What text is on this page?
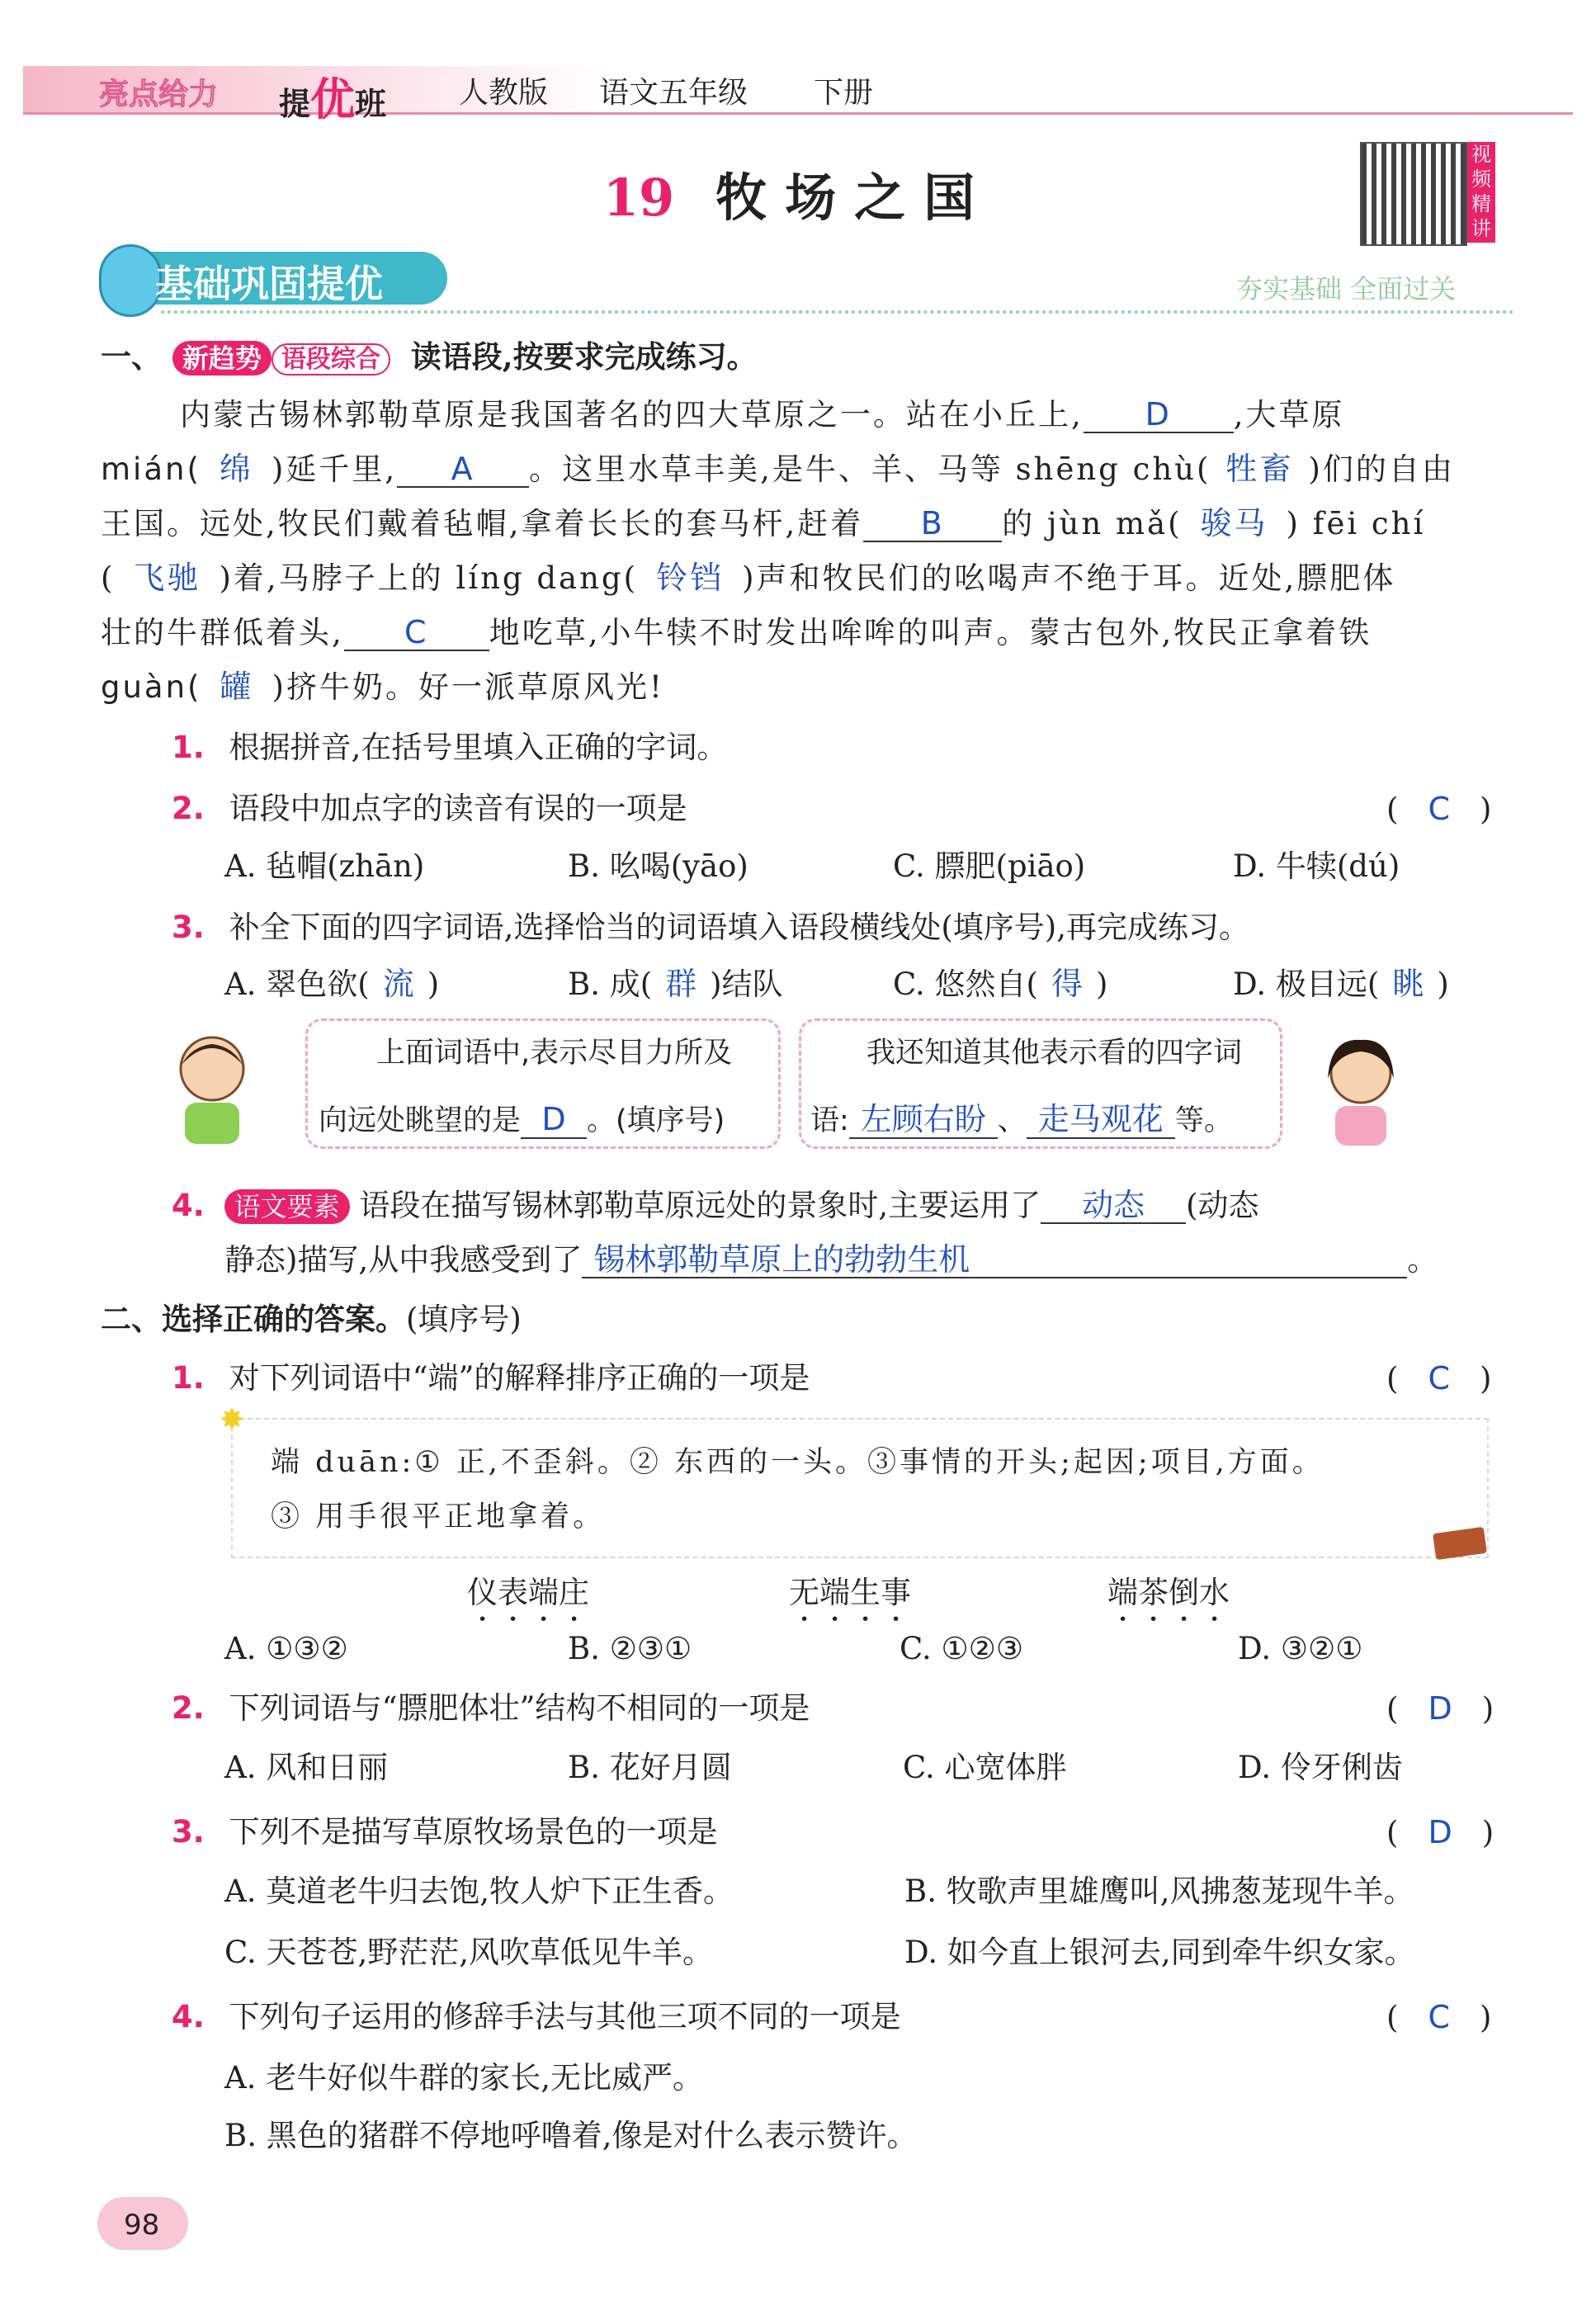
亮点给力 提优班 人教版 语文五年级 下册
19 牧场之国
视频精讲
基础巩固提优	夯实基础 全面过关
一、 新趋势 语段综合 读语段,按要求完成练习。
内蒙古锡林郭勒草原是我国著名的四大草原之一。站在小丘上, D ,大草原
mián( 绵 )延千里, A 。这里水草丰美,是牛、羊、马等 shēng chù( 牲畜 )们的自由
王国。远处,牧民们戴着毡帽,拿着长长的套马杆,赶着 B 的 jùn mǎ( 骏马 ) fēi chí
( 飞驰 )着,马脖子上的 líng dang( 铃铛 )声和牧民们的吆喝声不绝于耳。近处,膘肥体
壮的牛群低着头, C 地吃草,小牛犊不时发出哞哞的叫声。蒙古包外,牧民正拿着铁
guàn( 罐 )挤牛奶。好一派草原风光!
1. 根据拼音,在括号里填入正确的字词。
2. 语段中加点字的读音有误的一项是	( C )
A. 毡帽(zhān)	B. 吆喝(yāo)	C. 膘肥(piāo)	D. 牛犊(dú)
3. 补全下面的四字词语,选择恰当的词语填入语段横线处(填序号),再完成练习。
A. 翠色欲( 流 )	B. 成( 群 )结队	C. 悠然自( 得 )	D. 极目远( 眺 )
上面词语中,表示尽目力所及
向远处眺望的是 D 。(填序号)
我还知道其他表示看的四字词
语: 左顾右盼 、 走马观花 等。
4. 语文要素 语段在描写锡林郭勒草原远处的景象时,主要运用了 动态 (动态
静态)描写,从中我感受到了 锡林郭勒草原上的勃勃生机	。
二、选择正确的答案。(填序号)
1. 对下列词语中“端”的解释排序正确的一项是	( C )
✸
端 duān:① 正,不歪斜。② 东西的一头。③事情的开头;起因;项目,方面。
③ 用手很平正地拿着。
仪表端庄	无端生事	端茶倒水
A. ①③②	B. ②③①	C. ①②③	D. ③②①
2. 下列词语与“膘肥体壮”结构不相同的一项是	( D )
A. 风和日丽	B. 花好月圆	C. 心宽体胖	D. 伶牙俐齿
3. 下列不是描写草原牧场景色的一项是	( D )
A. 莫道老牛归去饱,牧人炉下正生香。	B. 牧歌声里雄鹰叫,风拂葱茏现牛羊。
C. 天苍苍,野茫茫,风吹草低见牛羊。	D. 如今直上银河去,同到牵牛织女家。
4. 下列句子运用的修辞手法与其他三项不同的一项是	( C )
A. 老牛好似牛群的家长,无比威严。
B. 黑色的猪群不停地呼噜着,像是对什么表示赞许。
98
